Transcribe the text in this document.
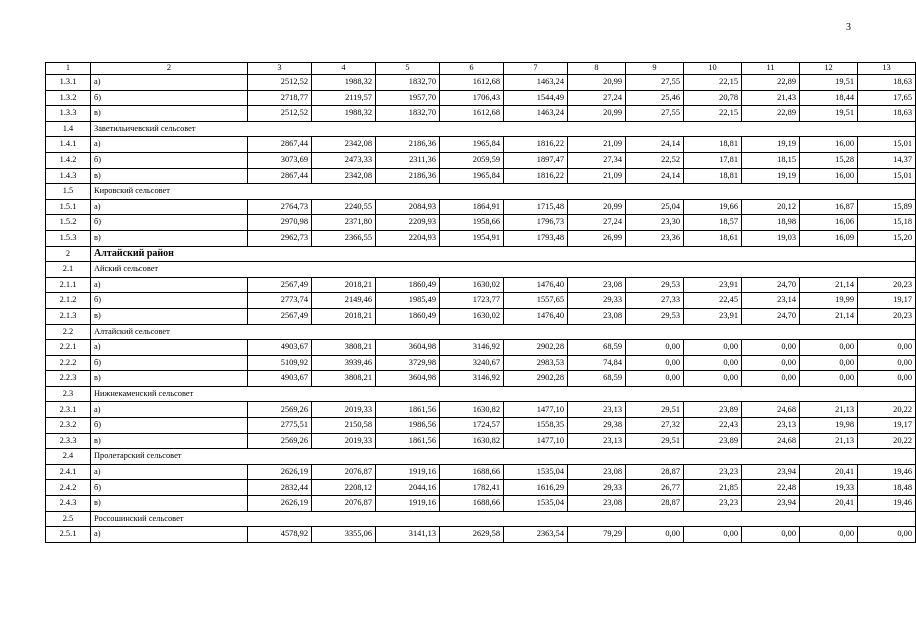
3
1	2	3	4	5	6	7	8	9	10	11	12	13
1.3.1	а)	2512,52	1988,32	1832,70	1612,68	1463,24	20,99	27,55	22,15	22,89	19,51	18,63
1.3.2	б)	2718,77	2119,57	1957,70	1706,43	1544,49	27,24	25,46	20,78	21,43	18,44	17,65
1.3.3	в)	2512,52	1988,32	1832,70	1612,68	1463,24	20,99	27,55	22,15	22,89	19,51	18,63
1.4	Заветильичевский сельсовет											
1.4.1	а)	2867,44	2342,08	2186,36	1965,84	1816,22	21,09	24,14	18,81	19,19	16,00	15,01
1.4.2	б)	3073,69	2473,33	2311,36	2059,59	1897,47	27,34	22,52	17,81	18,15	15,28	14,37
1.4.3	в)	2867,44	2342,08	2186,36	1965,84	1816,22	21,09	24,14	18,81	19,19	16,00	15,01
1.5	Кировский сельсовет											
1.5.1	а)	2764,73	2240,55	2084,93	1864,91	1715,48	20,99	25,04	19,66	20,12	16,87	15,89
1.5.2	б)	2970,98	2371,80	2209,93	1958,66	1796,73	27,24	23,30	18,57	18,98	16,06	15,18
1.5.3	в)	2962,73	2366,55	2204,93	1954,91	1793,48	26,99	23,36	18,61	19,03	16,09	15,20
2	Алтайский район											
2.1	Айский сельсовет											
2.1.1	а)	2567,49	2018,21	1860,49	1630,02	1476,40	23,08	29,53	23,91	24,70	21,14	20,23
2.1.2	б)	2773,74	2149,46	1985,49	1723,77	1557,65	29,33	27,33	22,45	23,14	19,99	19,17
2.1.3	в)	2567,49	2018,21	1860,49	1630,02	1476,40	23,08	29,53	23,91	24,70	21,14	20,23
2.2	Алтайский сельсовет											
2.2.1	а)	4903,67	3808,21	3604,98	3146,92	2902,28	68,59	0,00	0,00	0,00	0,00	0,00
2.2.2	б)	5109,92	3939,46	3729,98	3240,67	2983,53	74,84	0,00	0,00	0,00	0,00	0,00
2.2.3	в)	4903,67	3808,21	3604,98	3146,92	2902,28	68,59	0,00	0,00	0,00	0,00	0,00
2.3	Нижнекаменский сельсовет											
2.3.1	а)	2569,26	2019,33	1861,56	1630,82	1477,10	23,13	29,51	23,89	24,68	21,13	20,22
2.3.2	б)	2775,51	2150,58	1986,56	1724,57	1558,35	29,38	27,32	22,43	23,13	19,98	19,17
2.3.3	в)	2569,26	2019,33	1861,56	1630,82	1477,10	23,13	29,51	23,89	24,68	21,13	20,22
2.4	Пролетарский сельсовет											
2.4.1	а)	2626,19	2076,87	1919,16	1688,66	1535,04	23,08	28,87	23,23	23,94	20,41	19,46
2.4.2	б)	2832,44	2208,12	2044,16	1782,41	1616,29	29,33	26,77	21,85	22,48	19,33	18,48
2.4.3	в)	2626,19	2076,87	1919,16	1688,66	1535,04	23,08	28,87	23,23	23,94	20,41	19,46
2.5	Россошинский сельсовет											
2.5.1	а)	4578,92	3355,06	3141,13	2629,58	2363,54	79,29	0,00	0,00	0,00	0,00	0,00
